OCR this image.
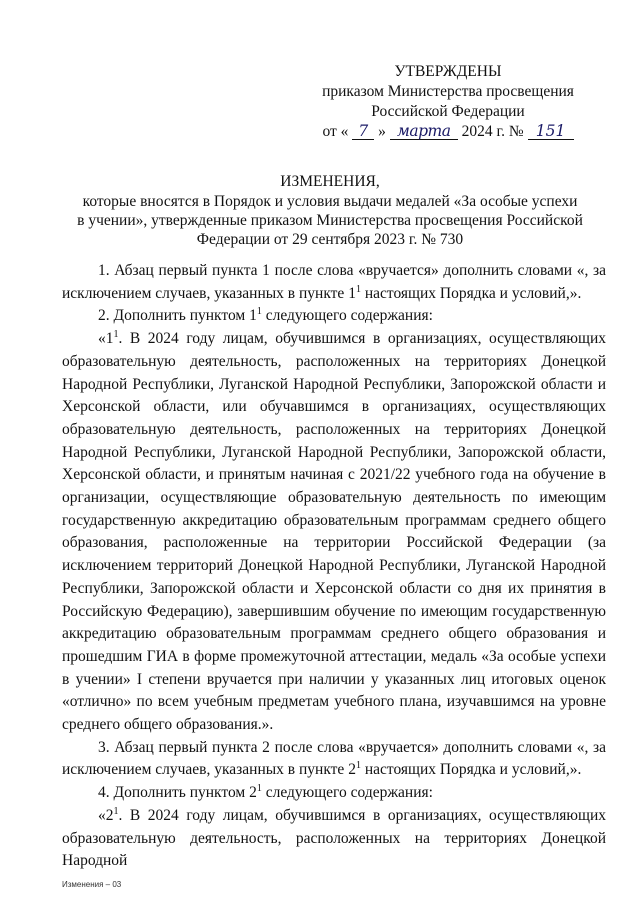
УТВЕРЖДЕНЫ
приказом Министерства просвещения
Российской Федерации
от « 7 » марта 2024 г. № 151
ИЗМЕНЕНИЯ,
которые вносятся в Порядок и условия выдачи медалей «За особые успехи
в учении», утвержденные приказом Министерства просвещения Российской
Федерации от 29 сентября 2023 г. № 730

1. Абзац первый пункта 1 после слова «вручается» дополнить словами «, за исключением случаев, указанных в пункте $1^1$ настоящих Порядка и условий,».

2. Дополнить пунктом $1^1$ следующего содержания:

«$1^1$. В 2024 году лицам, обучившимся в организациях, осуществляющих образовательную деятельность, расположенных на территориях Донецкой Народной Республики, Луганской Народной Республики, Запорожской области и Херсонской области, или обучавшимся в организациях, осуществляющих образовательную деятельность, расположенных на территориях Донецкой Народной Республики, Луганской Народной Республики, Запорожской области, Херсонской области, и принятым начиная с 2021/22 учебного года на обучение в организации, осуществляющие образовательную деятельность по имеющим государственную аккредитацию образовательным программам среднего общего образования, расположенные на территории Российской Федерации (за исключением территорий Донецкой Народной Республики, Луганской Народной Республики, Запорожской области и Херсонской области со дня их принятия в Российскую Федерацию), завершившим обучение по имеющим государственную аккредитацию образовательным программам среднего общего образования и прошедшим ГИА в форме промежуточной аттестации, медаль «За особые успехи в учении» I степени вручается при наличии у указанных лиц итоговых оценок «отлично» по всем учебным предметам учебного плана, изучавшимся на уровне среднего общего образования.».

3. Абзац первый пункта 2 после слова «вручается» дополнить словами «, за исключением случаев, указанных в пункте $2^1$ настоящих Порядка и условий,».

4. Дополнить пунктом $2^1$ следующего содержания:

«$2^1$. В 2024 году лицам, обучившимся в организациях, осуществляющих образовательную деятельность, расположенных на территориях Донецкой Народной

Изменения – 03
